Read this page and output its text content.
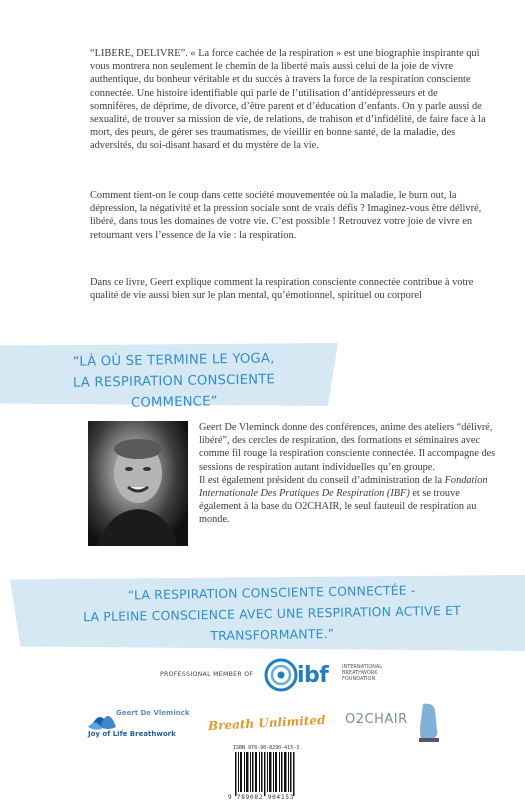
“LIBERE, DELIVRE”. « La force cachée de la respiration » est une biographie inspirante qui vous montrera non seulement le chemin de la liberté mais aussi celui de la joie de vivre authentique, du bonheur véritable et du succès à travers la force de la respiration consciente connectée. Une histoire identifiable qui parle de l’utilisation d’antidépresseurs et de somnifères, de déprime, de divorce, d’être parent et d’éducation d’enfants. On y parle aussi de sexualité, de trouver sa mission de vie, de relations, de trahison et d’infidélité, de faire face à la mort, des peurs, de gérer ses traumatismes, de vieillir en bonne santé, de la maladie, des adversités, du soi-disant hasard et du mystère de la vie.

Comment tient-on le coup dans cette société mouvementée où la maladie, le burn out, la dépression, la négativité et la pression sociale sont de vrais défis ? Imaginez-vous être délivré, libéré, dans tous les domaines de votre vie. C’est possible ! Retrouvez votre joie de vivre en retournant vers l’essence de la vie : la respiration.

Dans ce livre, Geert explique comment la respiration consciente connectée contribue à votre qualité de vie aussi bien sur le plan mental, qu’émotionnel, spirituel ou corporel

“LÀ OÙ SE TERMINE LE YOGA,
LA RESPIRATION CONSCIENTE COMMENCE”
Geert De Vleminck donne des conférences, anime des ateliers “délivré, libéré”, des cercles de respiration, des formations et séminaires avec comme fil rouge la respiration consciente connectée. Il accompagne des sessions de respiration autant individuelles qu’en groupe.
Il est également président du conseil d’administration de la Fondation Internationale Des Pratiques De Respiration (IBF) et se trouve également à la base du O2CHAIR, le seul fauteuil de respiration au monde.
“LA RESPIRATION CONSCIENTE CONNECTÉE -
LA PLEINE CONSCIENCE AVEC UNE RESPIRATION ACTIVE ET TRANSFORMANTE.”
PROFESSIONAL MEMBER OF ibf	INTERNATIONAL
BREATHWORK
FOUNDATION
Geert De Vleminck
Joy of Life Breathwork
Breath Unlimited O2CHAIR
ISBN 978-90-8290-415-3
9 789082 904153
